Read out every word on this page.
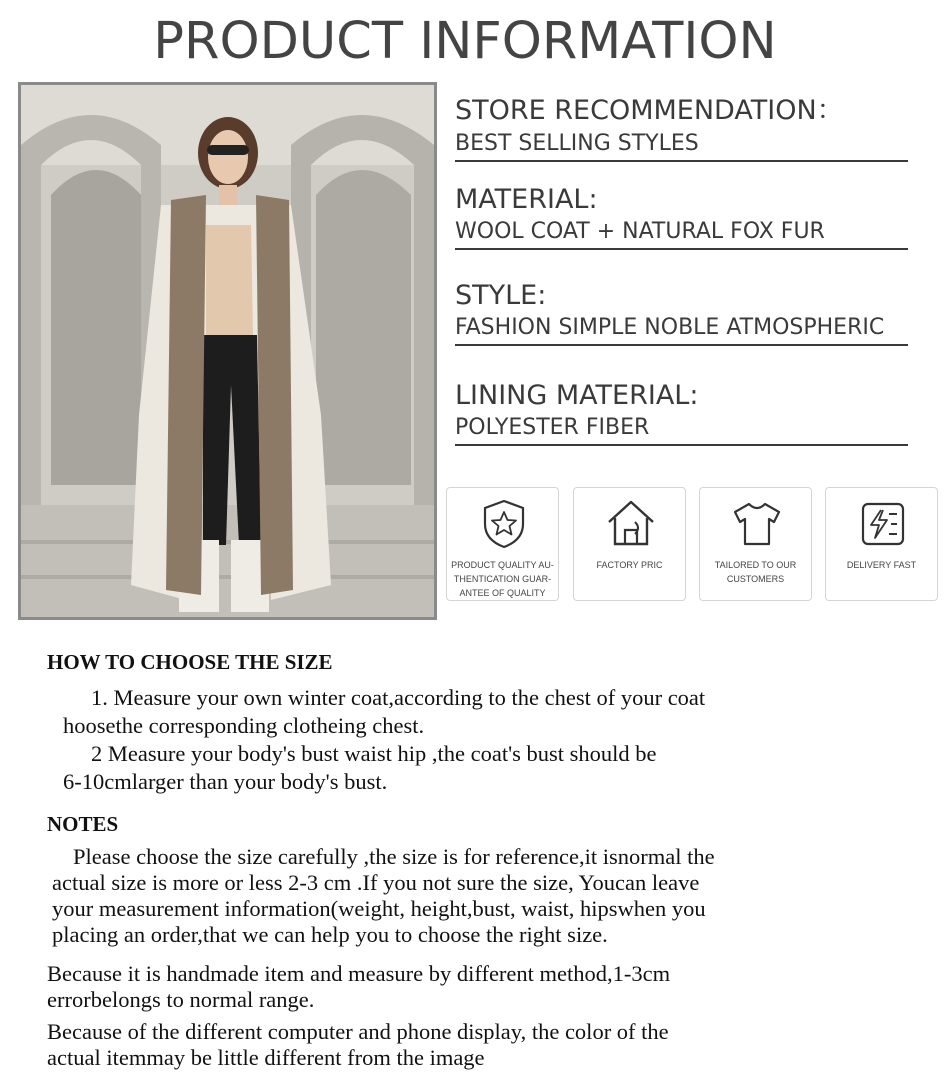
PRODUCT INFORMATION
STORE RECOMMENDATION：
BEST SELLING STYLES
MATERIAL:
WOOL COAT + NATURAL FOX FUR
STYLE:
FASHION SIMPLE NOBLE ATMOSPHERIC
LINING MATERIAL:
POLYESTER FIBER
PRODUCT QUALITY AU-
THENTICATION GUAR-
ANTEE OF QUALITY
FACTORY PRIC	TAILORED TO OUR
CUSTOMERS
DELIVERY FAST
HOW TO CHOOSE THE SIZE
1. Measure your own winter coat,according to the chest of your coat
hoosethe corresponding clotheing chest.
2 Measure your body's bust waist hip ,the coat's bust should be
6-10cmlarger than your body's bust.
NOTES
Please choose the size carefully ,the size is for reference,it isnormal the
actual size is more or less 2-3 cm .If you not sure the size, Youcan leave
your measurement information(weight, height,bust, waist, hipswhen you
placing an order,that we can help you to choose the right size.
Because it is handmade item and measure by different method,1-3cm
errorbelongs to normal range.
Because of the different computer and phone display, the color of the
actual itemmay be little different from the image
